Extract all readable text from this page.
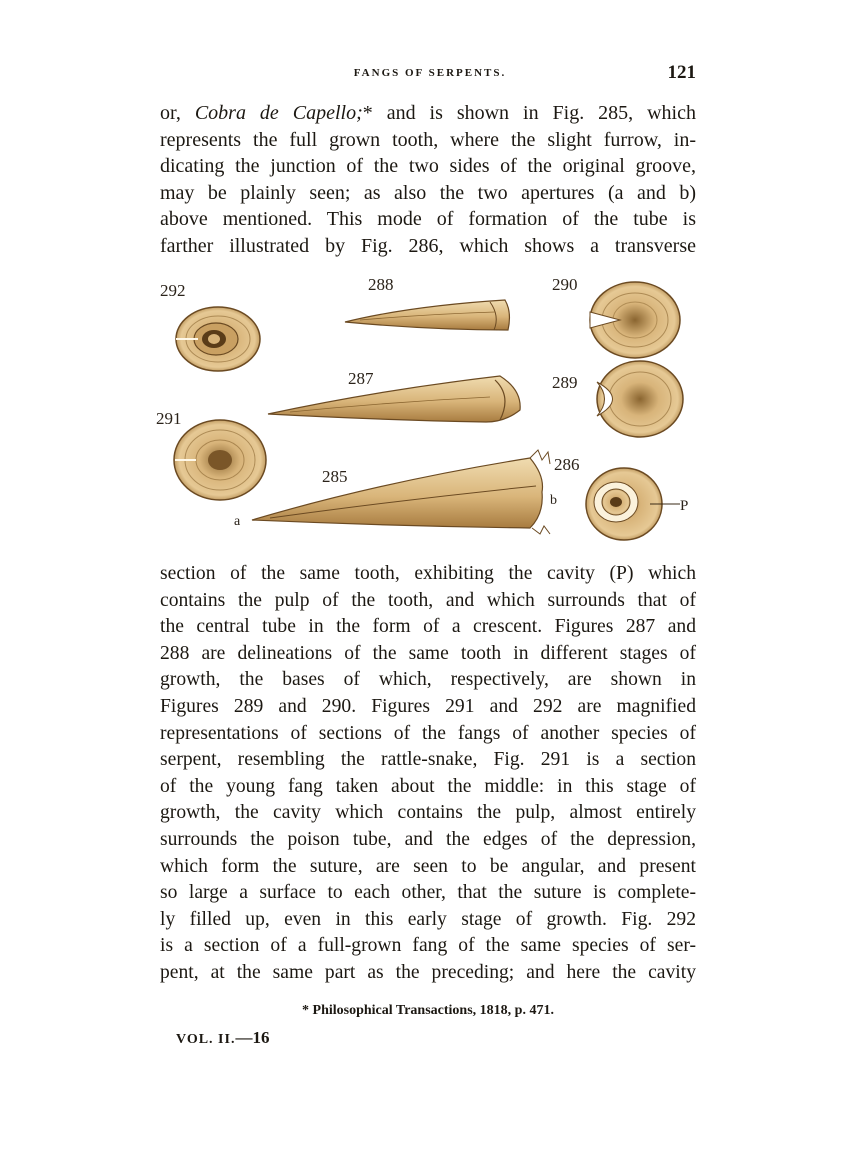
FANGS OF SERPENTS.	121
or, Cobra de Capello;* and is shown in Fig. 285, which
represents the full grown tooth, where the slight furrow, in-
dicating the junction of the two sides of the original groove,
may be plainly seen; as also the two apertures (a and b)
above mentioned. This mode of formation of the tube is
farther illustrated by Fig. 286, which shows a transverse
292	288	290
287	289
291
285
a
b
286
P
section of the same tooth, exhibiting the cavity (P) which
contains the pulp of the tooth, and which surrounds that of
the central tube in the form of a crescent. Figures 287 and
288 are delineations of the same tooth in different stages of
growth, the bases of which, respectively, are shown in
Figures 289 and 290. Figures 291 and 292 are magnified
representations of sections of the fangs of another species of
serpent, resembling the rattle-snake, Fig. 291 is a section
of the young fang taken about the middle: in this stage of
growth, the cavity which contains the pulp, almost entirely
surrounds the poison tube, and the edges of the depression,
which form the suture, are seen to be angular, and present
so large a surface to each other, that the suture is complete-
ly filled up, even in this early stage of growth. Fig. 292
is a section of a full-grown fang of the same species of ser-
pent, at the same part as the preceding; and here the cavity
* Philosophical Transactions, 1818, p. 471.
VOL. II.—16
